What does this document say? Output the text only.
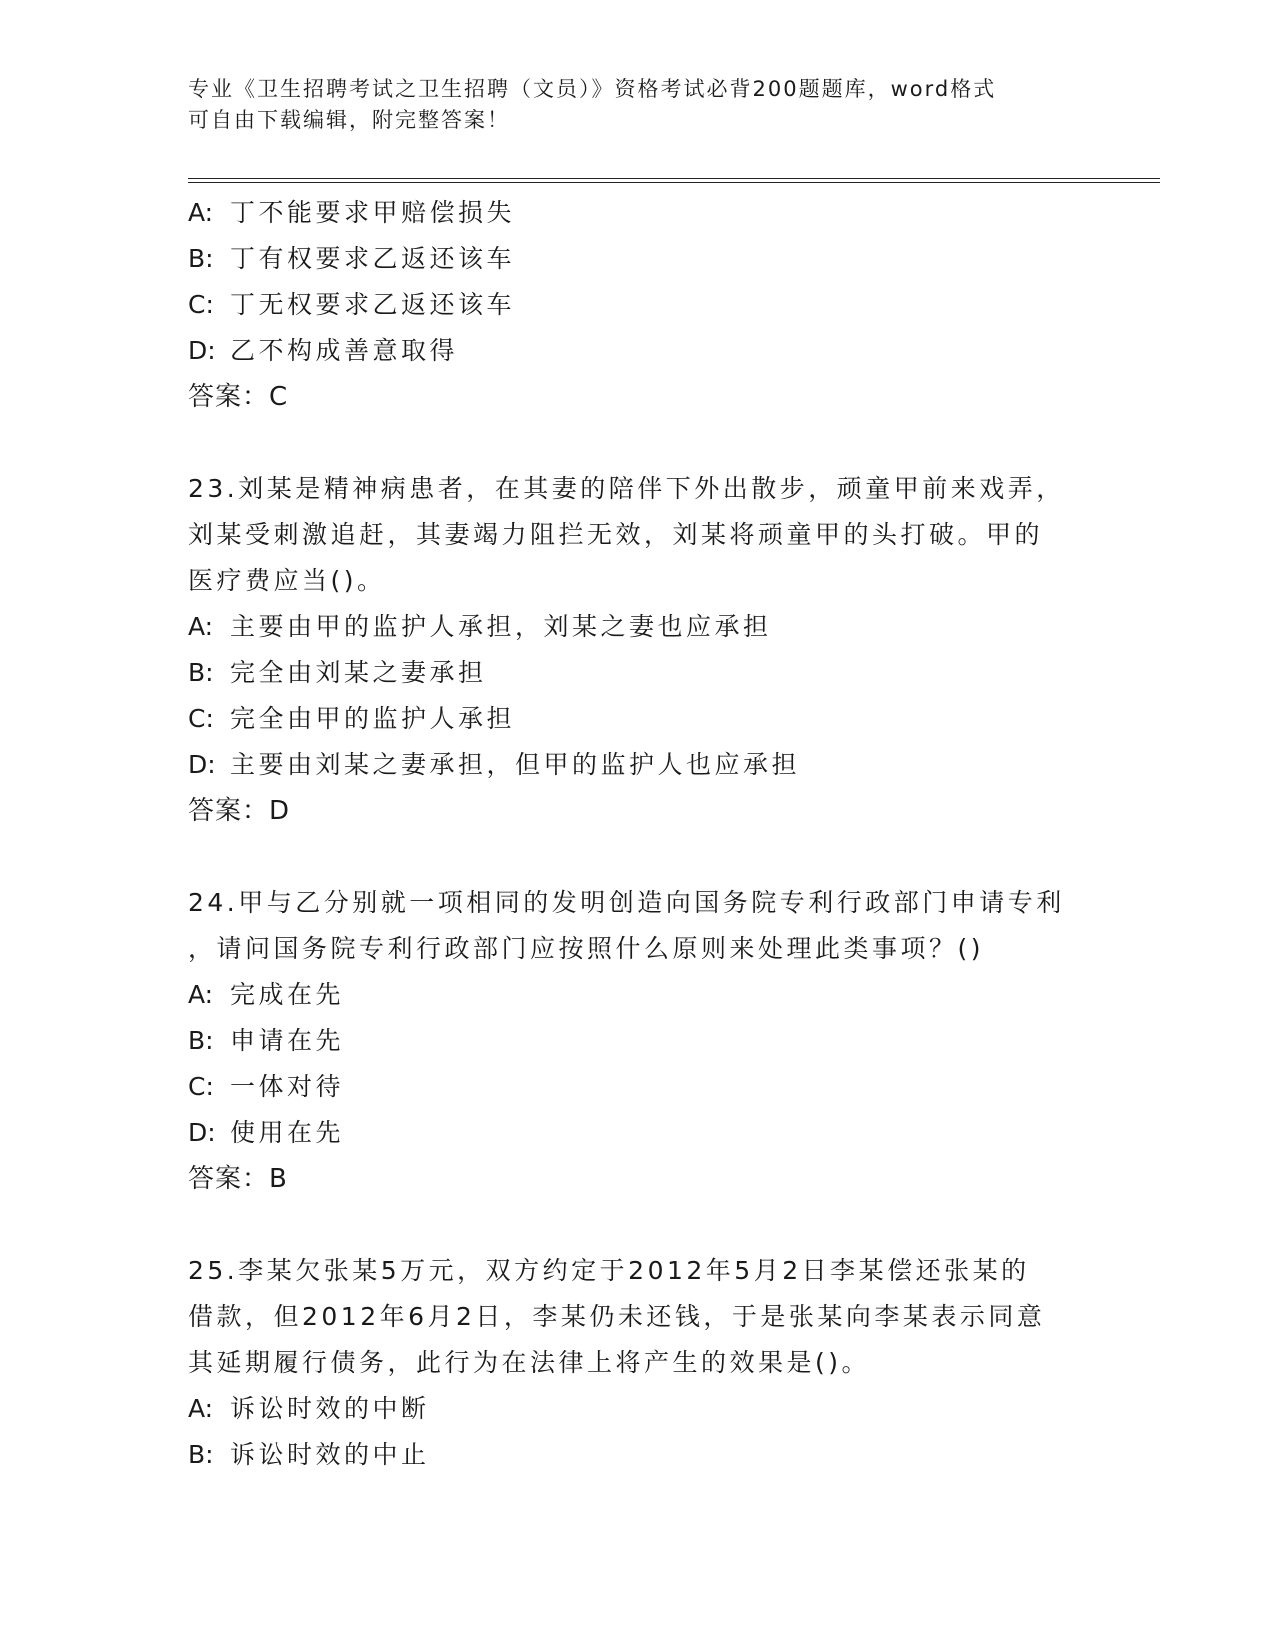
专业《卫生招聘考试之卫生招聘（文员）》资格考试必背200题题库，word格式
可自由下载编辑，附完整答案！
A: 丁不能要求甲赔偿损失
B: 丁有权要求乙返还该车
C: 丁无权要求乙返还该车
D: 乙不构成善意取得
答案：C
23.刘某是精神病患者，在其妻的陪伴下外出散步，顽童甲前来戏弄，
刘某受刺激追赶，其妻竭力阻拦无效，刘某将顽童甲的头打破。甲的
医疗费应当()。
A: 主要由甲的监护人承担，刘某之妻也应承担
B: 完全由刘某之妻承担
C: 完全由甲的监护人承担
D: 主要由刘某之妻承担，但甲的监护人也应承担
答案：D
24.甲与乙分别就一项相同的发明创造向国务院专利行政部门申请专利
，请问国务院专利行政部门应按照什么原则来处理此类事项？()
A: 完成在先
B: 申请在先
C: 一体对待
D: 使用在先
答案：B
25.李某欠张某5万元，双方约定于2012年5月2日李某偿还张某的
借款，但2012年6月2日，李某仍未还钱，于是张某向李某表示同意
其延期履行债务，此行为在法律上将产生的效果是()。
A: 诉讼时效的中断
B: 诉讼时效的中止
